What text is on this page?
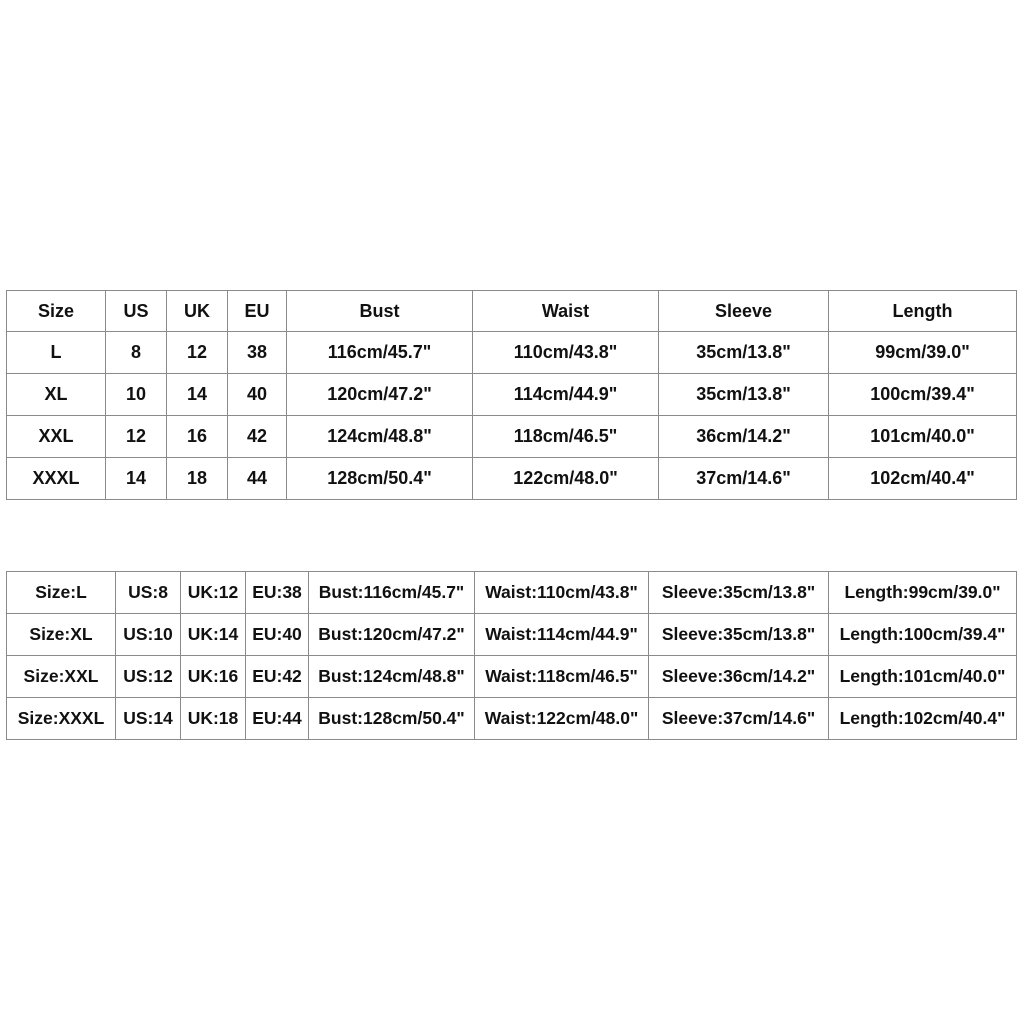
Size	US	UK	EU	Bust	Waist	Sleeve	Length
L	8	12	38	116cm/45.7"	110cm/43.8"	35cm/13.8"	99cm/39.0"
XL	10	14	40	120cm/47.2"	114cm/44.9"	35cm/13.8"	100cm/39.4"
XXL	12	16	42	124cm/48.8"	118cm/46.5"	36cm/14.2"	101cm/40.0"
XXXL	14	18	44	128cm/50.4"	122cm/48.0"	37cm/14.6"	102cm/40.4"
Size:L	US:8	UK:12	EU:38	Bust:116cm/45.7"	Waist:110cm/43.8"	Sleeve:35cm/13.8"	Length:99cm/39.0"
Size:XL	US:10	UK:14	EU:40	Bust:120cm/47.2"	Waist:114cm/44.9"	Sleeve:35cm/13.8"	Length:100cm/39.4"
Size:XXL	US:12	UK:16	EU:42	Bust:124cm/48.8"	Waist:118cm/46.5"	Sleeve:36cm/14.2"	Length:101cm/40.0"
Size:XXXL	US:14	UK:18	EU:44	Bust:128cm/50.4"	Waist:122cm/48.0"	Sleeve:37cm/14.6"	Length:102cm/40.4"
